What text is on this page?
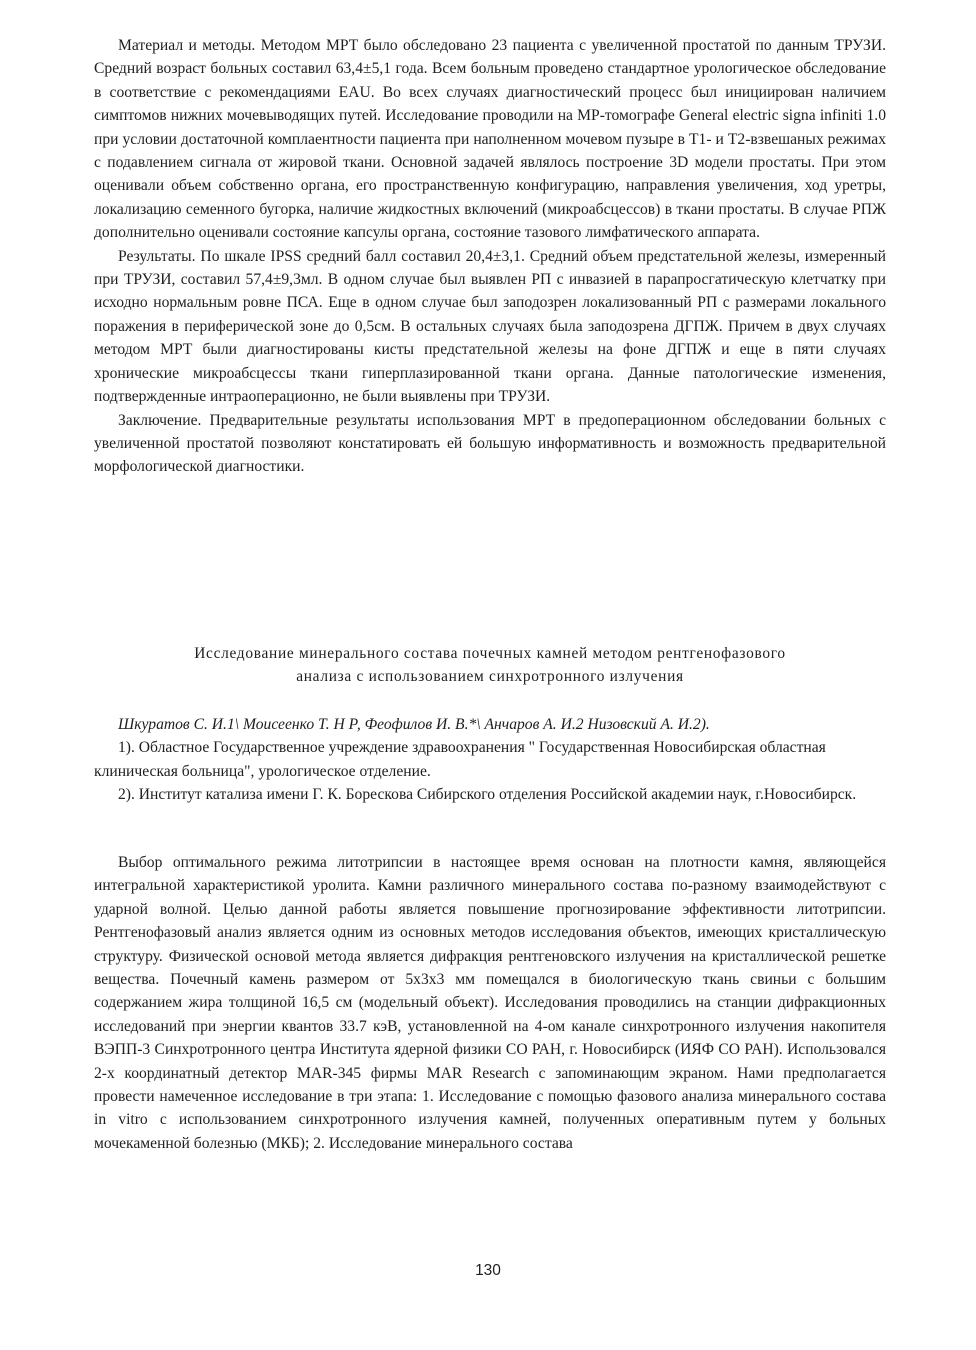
Материал и методы. Методом МРТ было обследовано 23 пациента с увеличенной простатой по данным ТРУЗИ. Средний возраст больных составил 63,4±5,1 года. Всем больным проведено стандартное урологическое обследование в соответствие с рекомендациями EAU. Во всех случаях диагностический процесс был инициирован наличием симптомов нижних мочевыводящих путей. Исследование проводили на МР-томографе General electric signa infiniti 1.0 при условии достаточной комплаентности пациента при наполненном мочевом пузыре в Т1- и Т2-взвешаных режимах с подавлением сигнала от жировой ткани. Основной задачей являлось построение 3D модели простаты. При этом оценивали объем собственно органа, его пространственную конфигурацию, направления увеличения, ход уретры, локализацию семенного бугорка, наличие жидкостных включений (микроабсцессов) в ткани простаты. В случае РПЖ дополнительно оценивали состояние капсулы органа, состояние тазового лимфатического аппарата.

Результаты. По шкале IPSS средний балл составил 20,4±3,1. Средний объем предстательной железы, измеренный при ТРУЗИ, составил 57,4±9,3мл. В одном случае был выявлен РП с инвазией в парапросгатическую клетчатку при исходно нормальным ровне ПСА. Еще в одном случае был заподозрен локализованный РП с размерами локального поражения в периферической зоне до 0,5см. В остальных случаях была заподозрена ДГПЖ. Причем в двух случаях методом МРТ были диагностированы кисты предстательной железы на фоне ДГПЖ и еще в пяти случаях хронические микроабсцессы ткани гиперплазированной ткани органа. Данные патологические изменения, подтвержденные интраоперационно, не были выявлены при ТРУЗИ.

Заключение. Предварительные результаты использования МРТ в предоперационном обследовании больных с увеличенной простатой позволяют констатировать ей большую информативность и возможность предварительной морфологической диагностики.

Исследование минерального состава почечных камней методом рентгенофазового
анализа с использованием синхротронного излучения

Шкуратов С. И.1\ Моисеенко Т. Н Р, Феофилов И. В.*\ Анчаров А. И.2 Низовский А. И.2).

1). Областное Государственное учреждение здравоохранения " Государственная Новосибирская областная клиническая больница", урологическое отделение.

2). Институт катализа имени Г. К. Борескова Сибирского отделения Российской академии наук, г.Новосибирск.

Выбор оптимального режима литотрипсии в настоящее время основан на плотности камня, являющейся интегральной характеристикой уролита. Камни различного минерального состава по-разному взаимодействуют с ударной волной. Целью данной работы является повышение прогнозирование эффективности литотрипсии. Рентгенофазовый анализ является одним из основных методов исследования объектов, имеющих кристаллическую структуру. Физической основой метода является дифракция рентгеновского излучения на кристаллической решетке вещества. Почечный камень размером от 5х3х3 мм помещался в биологическую ткань свиньи с большим содержанием жира толщиной 16,5 см (модельный объект). Исследования проводились на станции дифракционных исследований при энергии квантов 33.7 кэВ, установленной на 4-ом канале синхротронного излучения накопителя ВЭПП-3 Синхротронного центра Института ядерной физики СО РАН, г. Новосибирск (ИЯФ СО РАН). Использовался 2-х координатный детектор MAR-345 фирмы MAR Research с запоминающим экраном. Нами предполагается провести намеченное исследование в три этапа: 1. Исследование с помощью фазового анализа минерального состава in vitro с использованием синхротронного излучения камней, полученных оперативным путем у больных мочекаменной болезнью (МКБ); 2. Исследование минерального состава

130
